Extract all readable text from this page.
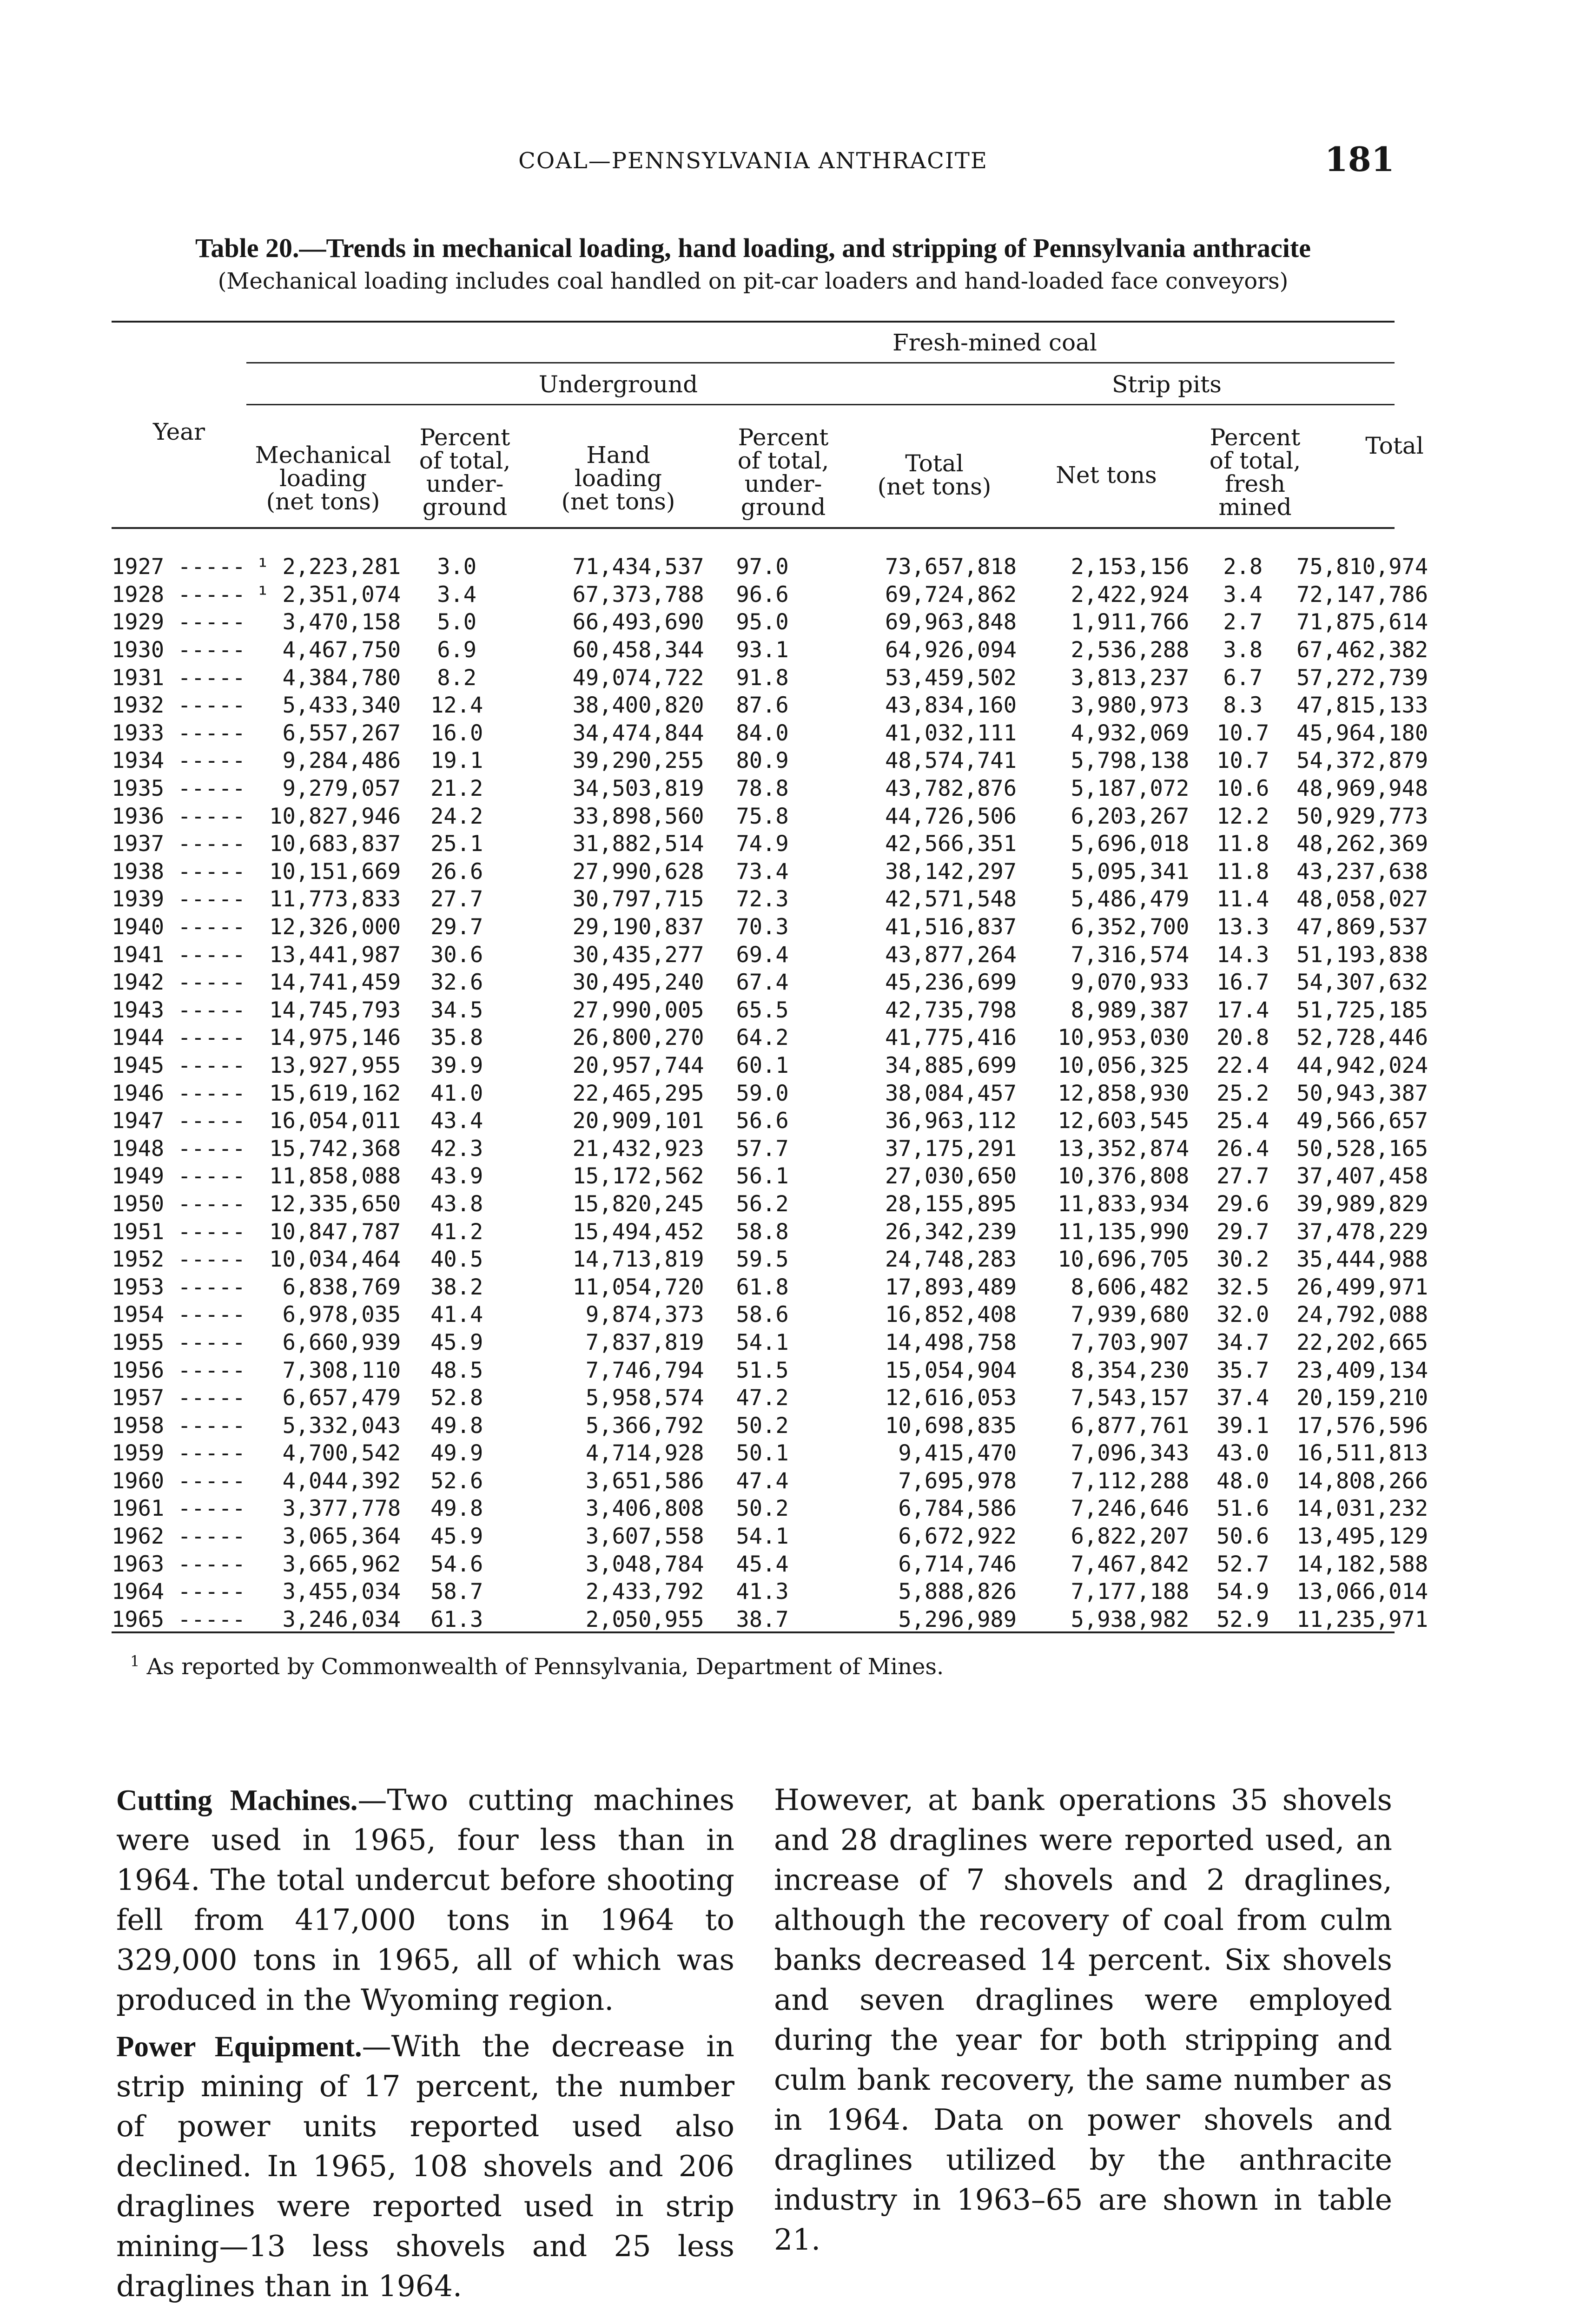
COAL—PENNSYLVANIA ANTHRACITE	181
Table 20.—Trends in mechanical loading, hand loading, and stripping of Pennsylvania anthracite
(Mechanical loading includes coal handled on pit-car loaders and hand-loaded face conveyors)
Fresh-mined coal
Underground	Strip pits
Year
Mechanical
loading
(net tons)
Percent
of total,
under-
ground
Hand
loading
(net tons)
Percent
of total,
under-
ground
Total
(net tons)	Net tons
Percent
of total,
fresh
mined
Total
1927 -----	¹ 2,223,281	3.0	71,434,537	97.0	73,657,818	2,153,156	2.8	75,810,974
1928 -----	¹ 2,351,074	3.4	67,373,788	96.6	69,724,862	2,422,924	3.4	72,147,786
1929 -----	3,470,158	5.0	66,493,690	95.0	69,963,848	1,911,766	2.7	71,875,614
1930 -----	4,467,750	6.9	60,458,344	93.1	64,926,094	2,536,288	3.8	67,462,382
1931 -----	4,384,780	8.2	49,074,722	91.8	53,459,502	3,813,237	6.7	57,272,739
1932 -----	5,433,340	12.4	38,400,820	87.6	43,834,160	3,980,973	8.3	47,815,133
1933 -----	6,557,267	16.0	34,474,844	84.0	41,032,111	4,932,069	10.7	45,964,180
1934 -----	9,284,486	19.1	39,290,255	80.9	48,574,741	5,798,138	10.7	54,372,879
1935 -----	9,279,057	21.2	34,503,819	78.8	43,782,876	5,187,072	10.6	48,969,948
1936 -----	10,827,946	24.2	33,898,560	75.8	44,726,506	6,203,267	12.2	50,929,773
1937 -----	10,683,837	25.1	31,882,514	74.9	42,566,351	5,696,018	11.8	48,262,369
1938 -----	10,151,669	26.6	27,990,628	73.4	38,142,297	5,095,341	11.8	43,237,638
1939 -----	11,773,833	27.7	30,797,715	72.3	42,571,548	5,486,479	11.4	48,058,027
1940 -----	12,326,000	29.7	29,190,837	70.3	41,516,837	6,352,700	13.3	47,869,537
1941 -----	13,441,987	30.6	30,435,277	69.4	43,877,264	7,316,574	14.3	51,193,838
1942 -----	14,741,459	32.6	30,495,240	67.4	45,236,699	9,070,933	16.7	54,307,632
1943 -----	14,745,793	34.5	27,990,005	65.5	42,735,798	8,989,387	17.4	51,725,185
1944 -----	14,975,146	35.8	26,800,270	64.2	41,775,416	10,953,030	20.8	52,728,446
1945 -----	13,927,955	39.9	20,957,744	60.1	34,885,699	10,056,325	22.4	44,942,024
1946 -----	15,619,162	41.0	22,465,295	59.0	38,084,457	12,858,930	25.2	50,943,387
1947 -----	16,054,011	43.4	20,909,101	56.6	36,963,112	12,603,545	25.4	49,566,657
1948 -----	15,742,368	42.3	21,432,923	57.7	37,175,291	13,352,874	26.4	50,528,165
1949 -----	11,858,088	43.9	15,172,562	56.1	27,030,650	10,376,808	27.7	37,407,458
1950 -----	12,335,650	43.8	15,820,245	56.2	28,155,895	11,833,934	29.6	39,989,829
1951 -----	10,847,787	41.2	15,494,452	58.8	26,342,239	11,135,990	29.7	37,478,229
1952 -----	10,034,464	40.5	14,713,819	59.5	24,748,283	10,696,705	30.2	35,444,988
1953 -----	6,838,769	38.2	11,054,720	61.8	17,893,489	8,606,482	32.5	26,499,971
1954 -----	6,978,035	41.4	9,874,373	58.6	16,852,408	7,939,680	32.0	24,792,088
1955 -----	6,660,939	45.9	7,837,819	54.1	14,498,758	7,703,907	34.7	22,202,665
1956 -----	7,308,110	48.5	7,746,794	51.5	15,054,904	8,354,230	35.7	23,409,134
1957 -----	6,657,479	52.8	5,958,574	47.2	12,616,053	7,543,157	37.4	20,159,210
1958 -----	5,332,043	49.8	5,366,792	50.2	10,698,835	6,877,761	39.1	17,576,596
1959 -----	4,700,542	49.9	4,714,928	50.1	9,415,470	7,096,343	43.0	16,511,813
1960 -----	4,044,392	52.6	3,651,586	47.4	7,695,978	7,112,288	48.0	14,808,266
1961 -----	3,377,778	49.8	3,406,808	50.2	6,784,586	7,246,646	51.6	14,031,232
1962 -----	3,065,364	45.9	3,607,558	54.1	6,672,922	6,822,207	50.6	13,495,129
1963 -----	3,665,962	54.6	3,048,784	45.4	6,714,746	7,467,842	52.7	14,182,588
1964 -----	3,455,034	58.7	2,433,792	41.3	5,888,826	7,177,188	54.9	13,066,014
1965 -----	3,246,034	61.3	2,050,955	38.7	5,296,989	5,938,982	52.9	11,235,971
$^1$ As reported by Commonwealth of Pennsylvania, Department of Mines.

Cutting Machines.—Two cutting machines were used in 1965, four less than in 1964. The total undercut before shooting fell from 417,000 tons in 1964 to 329,000 tons in 1965, all of which was produced in the Wyoming region.

Power Equipment.—With the decrease in strip mining of 17 percent, the number of power units reported used also declined. In 1965, 108 shovels and 206 draglines were reported used in strip mining—13 less shovels and 25 less draglines than in 1964.

However, at bank operations 35 shovels and 28 draglines were reported used, an increase of 7 shovels and 2 draglines, although the recovery of coal from culm banks decreased 14 percent. Six shovels and seven draglines were employed during the year for both stripping and culm bank recovery, the same number as in 1964. Data on power shovels and draglines utilized by the anthracite industry in 1963–65 are shown in table 21.
